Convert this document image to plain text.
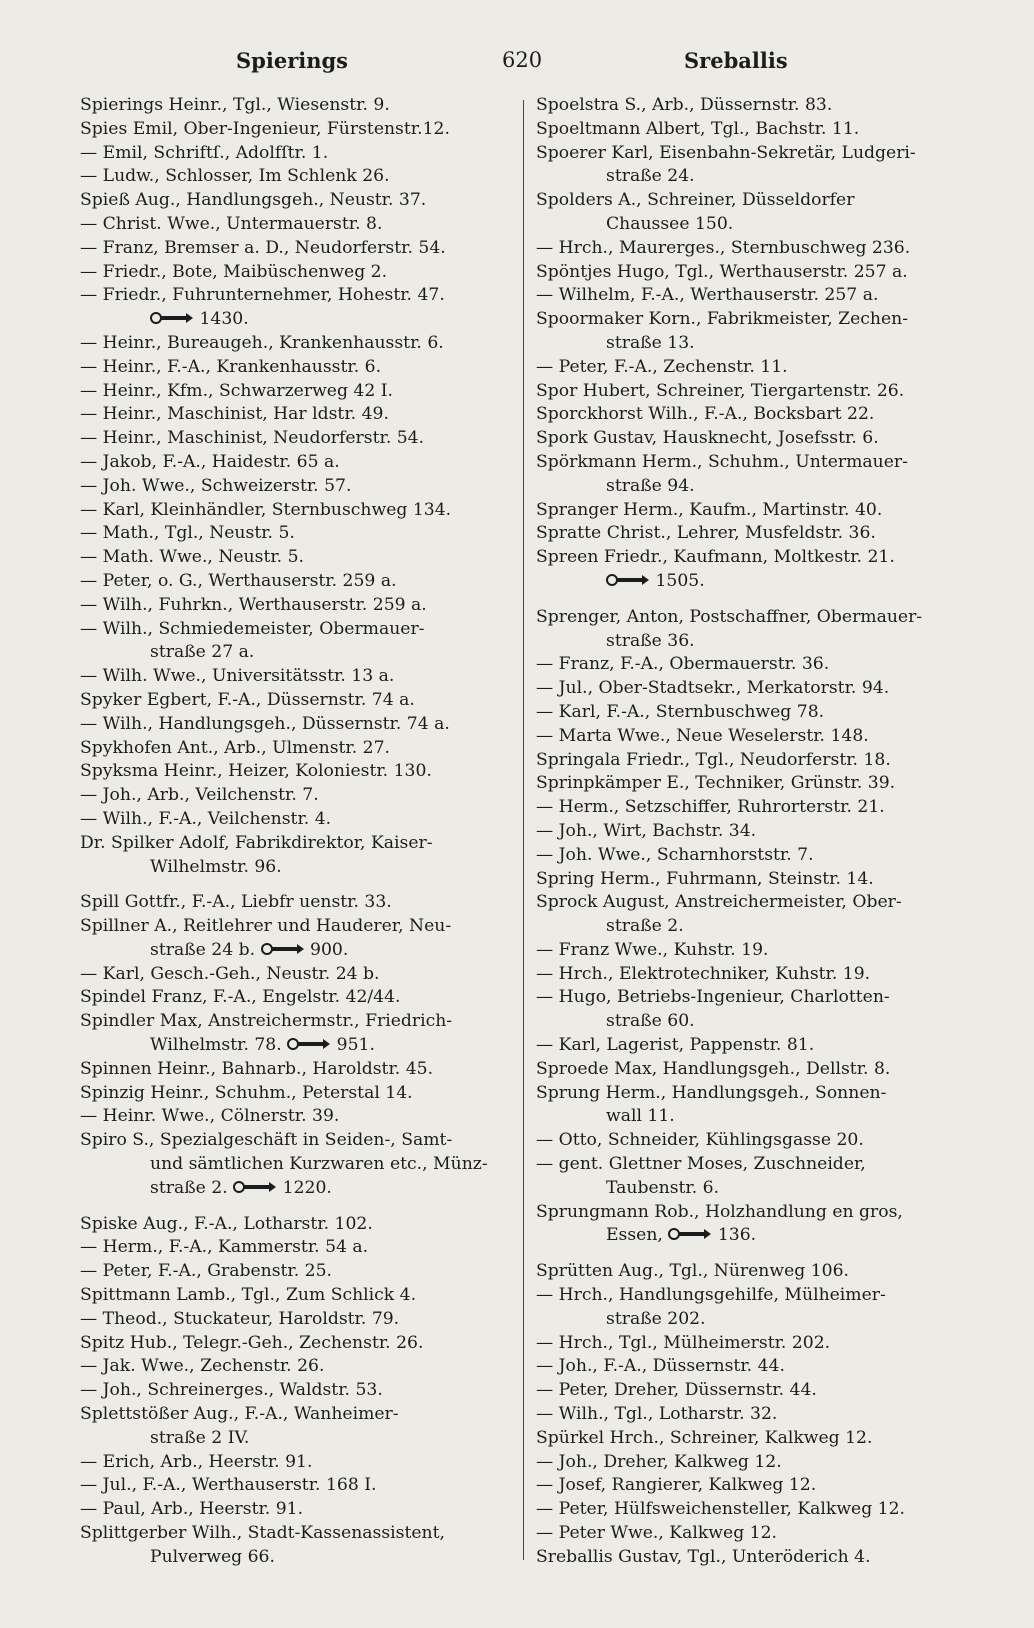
Spierings	620	Sreballis
Spierings Heinr., Tgl., Wiesenstr. 9.
Spies Emil, Ober-Ingenieur, Fürstenstr.12.
— Emil, Schriftſ., Adolfſtr. 1.
— Ludw., Schlosser, Im Schlenk 26.
Spieß Aug., Handlungsgeh., Neustr. 37.
— Christ. Wwe., Untermauerstr. 8.
— Franz, Bremser a. D., Neudorferstr. 54.
— Friedr., Bote, Maibüschenweg 2.
— Friedr., Fuhrunternehmer, Hohestr. 47.
1430.
— Heinr., Bureaugeh., Krankenhausstr. 6.
— Heinr., F.-A., Krankenhausstr. 6.
— Heinr., Kfm., Schwarzerweg 42 I.
— Heinr., Maschinist, Har ldstr. 49.
— Heinr., Maschinist, Neudorferstr. 54.
— Jakob, F.-A., Haidestr. 65 a.
— Joh. Wwe., Schweizerstr. 57.
— Karl, Kleinhändler, Sternbuschweg 134.
— Math., Tgl., Neustr. 5.
— Math. Wwe., Neustr. 5.
— Peter, o. G., Werthauserstr. 259 a.
— Wilh., Fuhrkn., Werthauserstr. 259 a.
— Wilh., Schmiedemeister, Obermauer-
straße 27 a.
— Wilh. Wwe., Universitätsstr. 13 a.
Spyker Egbert, F.-A., Düssernstr. 74 a.
— Wilh., Handlungsgeh., Düssernstr. 74 a.
Spykhofen Ant., Arb., Ulmenstr. 27.
Spyksma Heinr., Heizer, Koloniestr. 130.
— Joh., Arb., Veilchenstr. 7.
— Wilh., F.-A., Veilchenstr. 4.
Dr. Spilker Adolf, Fabrikdirektor, Kaiser-
Wilhelmstr. 96.
Spill Gottfr., F.-A., Liebfr uenstr. 33.
Spillner A., Reitlehrer und Hauderer, Neu-
straße 24 b.	900.
— Karl, Gesch.-Geh., Neustr. 24 b.
Spindel Franz, F.-A., Engelstr. 42/44.
Spindler Max, Anstreichermstr., Friedrich-
Wilhelmstr. 78.	951.
Spinnen Heinr., Bahnarb., Haroldstr. 45.
Spinzig Heinr., Schuhm., Peterstal 14.
— Heinr. Wwe., Cölnerstr. 39.
Spiro S., Spezialgeschäft in Seiden-, Samt-
und sämtlichen Kurzwaren etc., Münz-
straße 2.	1220.
Spiske Aug., F.-A., Lotharstr. 102.
— Herm., F.-A., Kammerstr. 54 a.
— Peter, F.-A., Grabenstr. 25.
Spittmann Lamb., Tgl., Zum Schlick 4.
— Theod., Stuckateur, Haroldstr. 79.
Spitz Hub., Telegr.-Geh., Zechenstr. 26.
— Jak. Wwe., Zechenstr. 26.
— Joh., Schreinerges., Waldstr. 53.
Splettstößer Aug., F.-A., Wanheimer-
straße 2 IV.
— Erich, Arb., Heerstr. 91.
— Jul., F.-A., Werthauserstr. 168 I.
— Paul, Arb., Heerstr. 91.
Splittgerber Wilh., Stadt-Kassenassistent,
Pulverweg 66.
Spoelstra S., Arb., Düssernstr. 83.
Spoeltmann Albert, Tgl., Bachstr. 11.
Spoerer Karl, Eisenbahn-Sekretär, Ludgeri-
straße 24.
Spolders A., Schreiner, Düsseldorfer
Chaussee 150.
— Hrch., Maurerges., Sternbuschweg 236.
Spöntjes Hugo, Tgl., Werthauserstr. 257 a.
— Wilhelm, F.-A., Werthauserstr. 257 a.
Spoormaker Korn., Fabrikmeister, Zechen-
straße 13.
— Peter, F.-A., Zechenstr. 11.
Spor Hubert, Schreiner, Tiergartenstr. 26.
Sporckhorst Wilh., F.-A., Bocksbart 22.
Spork Gustav, Hausknecht, Josefsstr. 6.
Spörkmann Herm., Schuhm., Untermauer-
straße 94.
Spranger Herm., Kaufm., Martinstr. 40.
Spratte Christ., Lehrer, Musfeldstr. 36.
Spreen Friedr., Kaufmann, Moltkestr. 21.
1505.
Sprenger, Anton, Postschaffner, Obermauer-
straße 36.
— Franz, F.-A., Obermauerstr. 36.
— Jul., Ober-Stadtsekr., Merkatorstr. 94.
— Karl, F.-A., Sternbuschweg 78.
— Marta Wwe., Neue Weselerstr. 148.
Springala Friedr., Tgl., Neudorferstr. 18.
Sprinpkämper E., Techniker, Grünstr. 39.
— Herm., Setzschiffer, Ruhrorterstr. 21.
— Joh., Wirt, Bachstr. 34.
— Joh. Wwe., Scharnhorststr. 7.
Spring Herm., Fuhrmann, Steinstr. 14.
Sprock August, Anstreichermeister, Ober-
straße 2.
— Franz Wwe., Kuhstr. 19.
— Hrch., Elektrotechniker, Kuhstr. 19.
— Hugo, Betriebs-Ingenieur, Charlotten-
straße 60.
— Karl, Lagerist, Pappenstr. 81.
Sproede Max, Handlungsgeh., Dellstr. 8.
Sprung Herm., Handlungsgeh., Sonnen-
wall 11.
— Otto, Schneider, Kühlingsgasse 20.
— gent. Glettner Moses, Zuschneider,
Taubenstr. 6.
Sprungmann Rob., Holzhandlung en gros,
Essen,	136.
Sprütten Aug., Tgl., Nürenweg 106.
— Hrch., Handlungsgehilfe, Mülheimer-
straße 202.
— Hrch., Tgl., Mülheimerstr. 202.
— Joh., F.-A., Düssernstr. 44.
— Peter, Dreher, Düssernstr. 44.
— Wilh., Tgl., Lotharstr. 32.
Spürkel Hrch., Schreiner, Kalkweg 12.
— Joh., Dreher, Kalkweg 12.
— Josef, Rangierer, Kalkweg 12.
— Peter, Hülfsweichensteller, Kalkweg 12.
— Peter Wwe., Kalkweg 12.
Sreballis Gustav, Tgl., Unteröderich 4.
